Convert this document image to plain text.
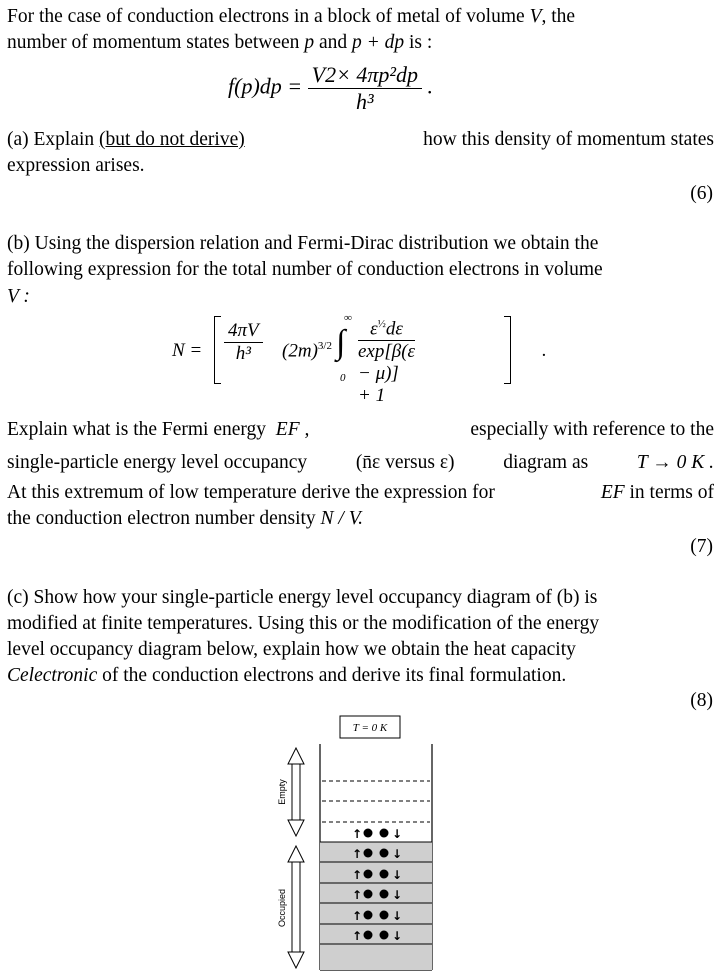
For the case of conduction electrons in a block of metal of volume V, the
number of momentum states between p and p + dp is :
$f(p)dp = \frac{\text{V2× 4πp²dp}}{\text{h³}}$ .
(a) Explain (but do not derive)	how this density of momentum states
expression arises.
(6)
(b) Using the dispersion relation and Fermi-Dirac distribution we obtain the
following expression for the total number of conduction electrons in volume
V :
N =
4πV
h³ $(2m)^{3/2}$
∞
∫
0
$\varepsilon^{\frac{1}{2}}d\varepsilon$
exp[β(ε − μ)] + 1
.
Explain what is the Fermi energy EF ,	especially with reference to the
single-particle energy level occupancy (n̄ε versus ε) diagram as T → 0 K .
At this extremum of low temperature derive the expression for	EF in terms of
the conduction electron number density N / V.
(7)
(c) Show how your single-particle energy level occupancy diagram of (b) is
modified at finite temperatures. Using this or the modification of the energy
level occupancy diagram below, explain how we obtain the heat capacity
Celectronic of the conduction electrons and derive its final formulation.
(8)
T = 0 K
↑ ↓
↑ ↓
↑ ↓
↑ ↓
↑ ↓
↑ ↓
Empty
Occupied
